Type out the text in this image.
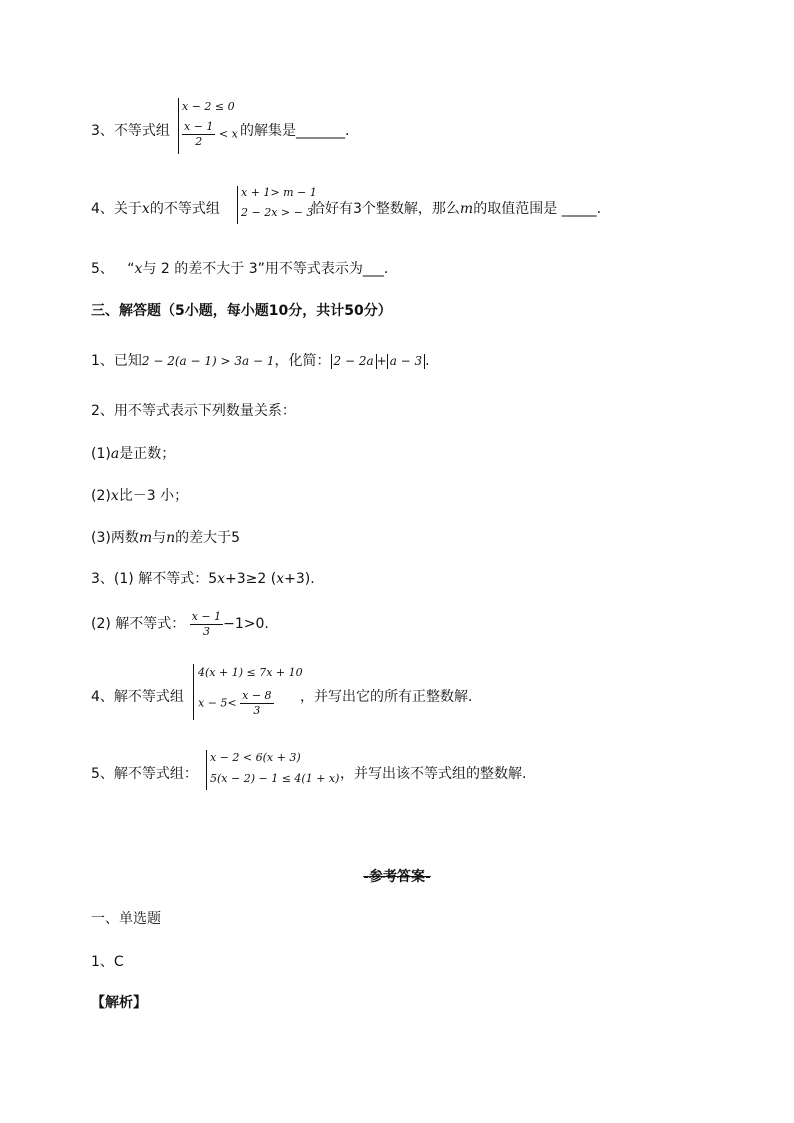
3、不等式组
x − 2 ≤ 0
$\frac{x - 1}{2} < x$ 的解集是_______.
4、关于x的不等式组
x + 1> m − 1
2 − 2x > − 3
恰好有3个整数解，那么m的取值范围是 _____.
5、 “x与 2 的差不大于 3”用不等式表示为___.
三、解答题（5小题，每小题10分，共计50分）
1、已知2 − 2(a − 1) > 3a − 1，化简： 2 − 2a + a − 3 .
2、用不等式表示下列数量关系：
(1)a是正数；
(2)x比－3 小；
(3)两数m与n的差大于5
3、(1) 解不等式：5x+3≥2 (x+3).
(2) 解不等式： $\frac{x - 1}{3} -1>0$.
4、解不等式组
4(x + 1) ≤ 7x + 10
$x - 5< \frac{x - 8}{3}$ ，并写出它的所有正整数解.
5、解不等式组：
x − 2 < 6(x + 3)
5(x − 2) − 1 ≤ 4(1 + x) ，并写出该不等式组的整数解.
-参考答案-
一、单选题
1、C
【解析】
